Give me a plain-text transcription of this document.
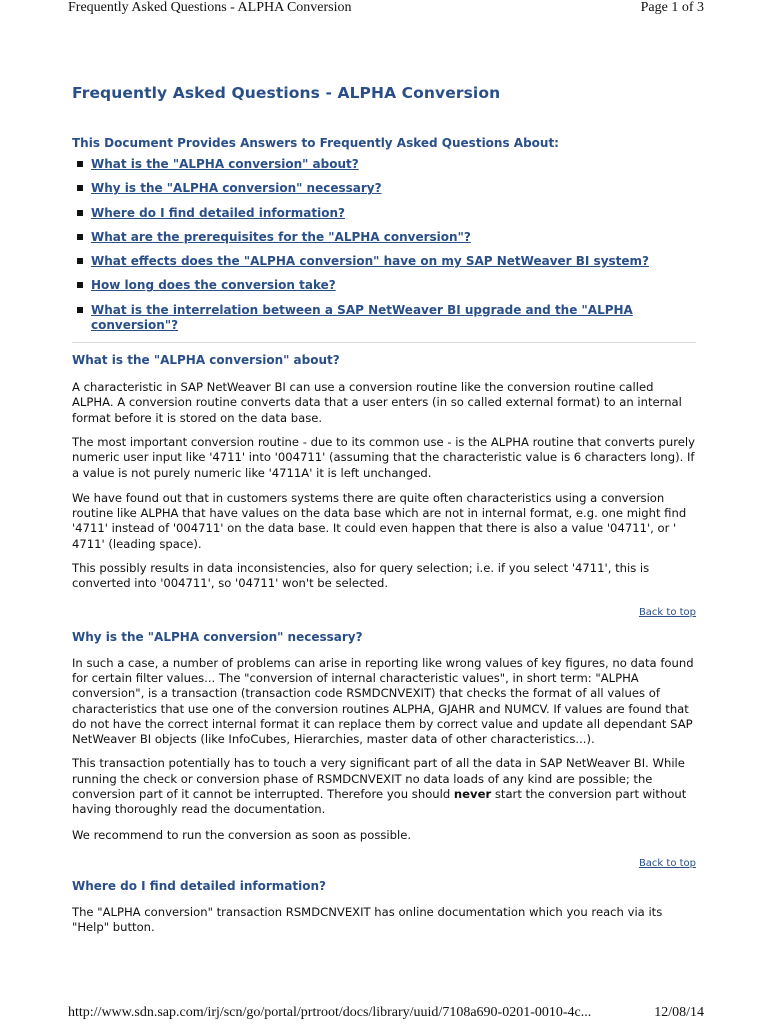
Frequently Asked Questions - ALPHA Conversion	Page 1 of 3
Frequently Asked Questions - ALPHA Conversion
This Document Provides Answers to Frequently Asked Questions About:
What is the "ALPHA conversion" about?
Why is the "ALPHA conversion" necessary?
Where do I find detailed information?
What are the prerequisites for the "ALPHA conversion"?
What effects does the "ALPHA conversion" have on my SAP NetWeaver BI system?
How long does the conversion take?
What is the interrelation between a SAP NetWeaver BI upgrade and the "ALPHA conversion"?
What is the "ALPHA conversion" about?

A characteristic in SAP NetWeaver BI can use a conversion routine like the conversion routine called ALPHA. A conversion routine converts data that a user enters (in so called external format) to an internal format before it is stored on the data base.

The most important conversion routine - due to its common use - is the ALPHA routine that converts purely numeric user input like '4711' into '004711' (assuming that the characteristic value is 6 characters long). If a value is not purely numeric like '4711A' it is left unchanged.

We have found out that in customers systems there are quite often characteristics using a conversion routine like ALPHA that have values on the data base which are not in internal format, e.g. one might find '4711' instead of '004711' on the data base. It could even happen that there is also a value '04711', or ' 4711' (leading space).

This possibly results in data inconsistencies, also for query selection; i.e. if you select '4711', this is converted into '004711', so '04711' won't be selected.

Back to top
Why is the "ALPHA conversion" necessary?

In such a case, a number of problems can arise in reporting like wrong values of key figures, no data found for certain filter values... The "conversion of internal characteristic values", in short term: "ALPHA conversion", is a transaction (transaction code RSMDCNVEXIT) that checks the format of all values of characteristics that use one of the conversion routines ALPHA, GJAHR and NUMCV. If values are found that do not have the correct internal format it can replace them by correct value and update all dependant SAP NetWeaver BI objects (like InfoCubes, Hierarchies, master data of other characteristics...).

This transaction potentially has to touch a very significant part of all the data in SAP NetWeaver BI. While running the check or conversion phase of RSMDCNVEXIT no data loads of any kind are possible; the conversion part of it cannot be interrupted. Therefore you should never start the conversion part without having thoroughly read the documentation.

We recommend to run the conversion as soon as possible.

Back to top
Where do I find detailed information?

The "ALPHA conversion" transaction RSMDCNVEXIT has online documentation which you reach via its "Help" button.

http://www.sdn.sap.com/irj/scn/go/portal/prtroot/docs/library/uuid/7108a690-0201-0010-4c...	12/08/14
